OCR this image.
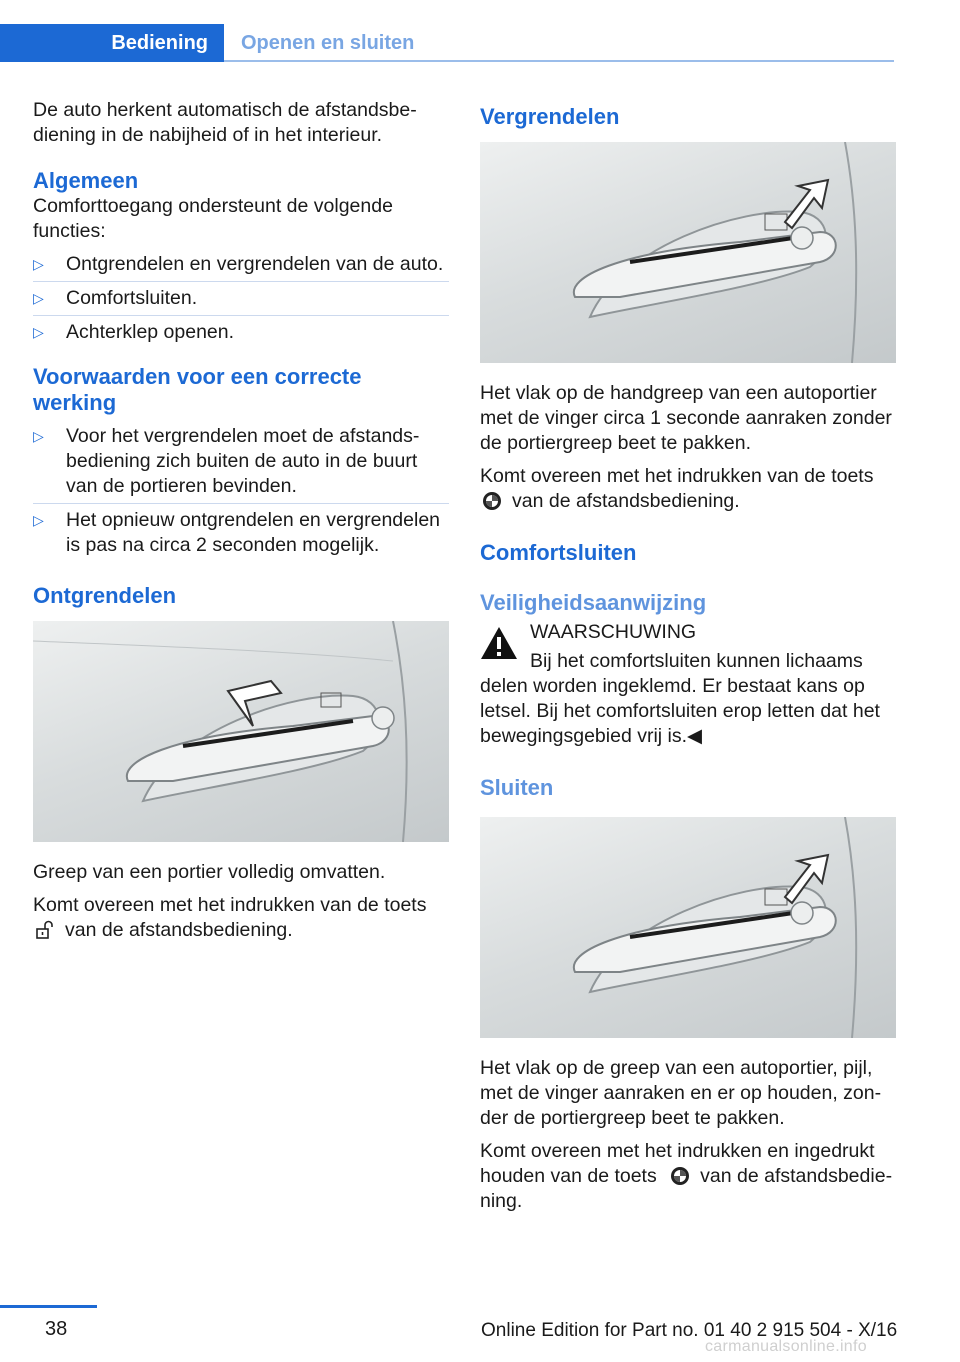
Bediening	Openen en sluiten

De auto herkent automatisch de afstandsbediening in de nabijheid of in het interieur.

Algemeen

Comforttoegang ondersteunt de volgende functies:

▷ Ontgrendelen en vergrendelen van de auto.
▷ Comfortsluiten.
▷ Achterklep openen.
Voorwaarden voor een correcte werking
▷ Voor het vergrendelen moet de afstandsbediening zich buiten de auto in de buurt van de portieren bevinden.
▷ Het opnieuw ontgrendelen en vergrendelen is pas na circa 2 seconden mogelijk.
Ontgrendelen

Greep van een portier volledig omvatten.

Komt overeen met het indrukken van de toets
van de afstandsbediening.

Vergrendelen

Het vlak op de handgreep van een autoportier met de vinger circa 1 seconde aanraken zonder de portiergreep beet te pakken.

Komt overeen met het indrukken van de toets
van de afstandsbediening.

Comfortsluiten
Veiligheidsaanwijzing

WAARSCHUWING

Bij het comfortsluiten kunnen lichaams

delen worden ingeklemd. Er bestaat kans op letsel. Bij het comfortsluiten erop letten dat het bewegingsgebied vrij is.◀

Sluiten

Het vlak op de greep van een autoportier, pijl, met de vinger aanraken en er op houden, zonder de portiergreep beet te pakken.

Komt overeen met het indrukken en ingedrukt houden van de toets van de afstandsbediening.

38	Online Edition for Part no. 01 40 2 915 504 - X/16
carmanualsonline.info
